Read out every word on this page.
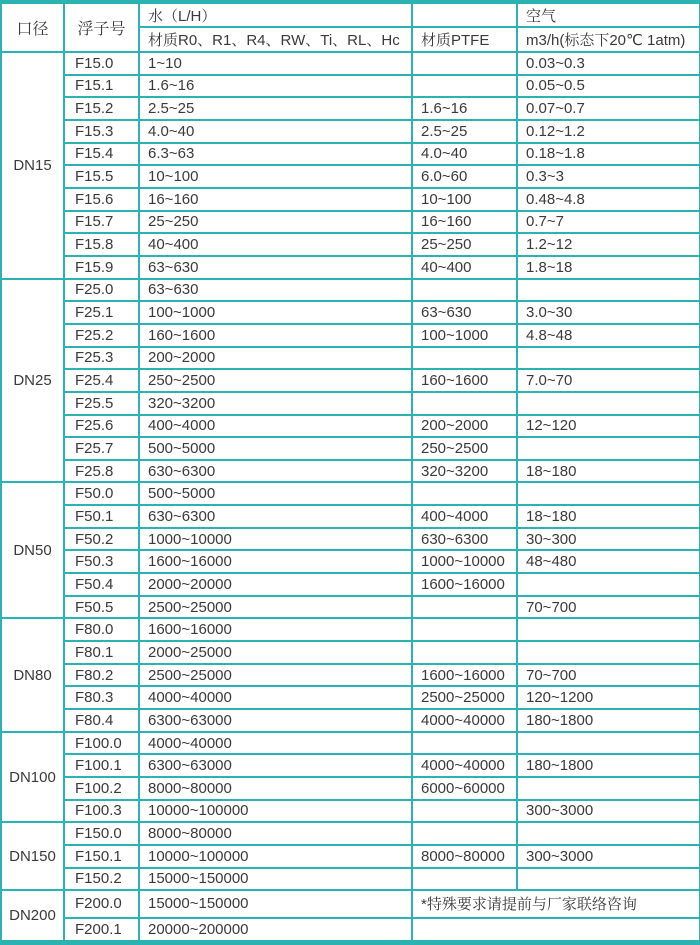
口径	浮子号	水（L/H）		空气
		材质R0、R1、R4、RW、Ti、RL、Hc	材质PTFE	m3/h(标态下20℃ 1atm)
DN15	F15.0	1~10		0.03~0.3
	F15.1	1.6~16		0.05~0.5
	F15.2	2.5~25	1.6~16	0.07~0.7
	F15.3	4.0~40	2.5~25	0.12~1.2
	F15.4	6.3~63	4.0~40	0.18~1.8
	F15.5	10~100	6.0~60	0.3~3
	F15.6	16~160	10~100	0.48~4.8
	F15.7	25~250	16~160	0.7~7
	F15.8	40~400	25~250	1.2~12
	F15.9	63~630	40~400	1.8~18
DN25	F25.0	63~630		
	F25.1	100~1000	63~630	3.0~30
	F25.2	160~1600	100~1000	4.8~48
	F25.3	200~2000		
	F25.4	250~2500	160~1600	7.0~70
	F25.5	320~3200		
	F25.6	400~4000	200~2000	12~120
	F25.7	500~5000	250~2500	
	F25.8	630~6300	320~3200	18~180
DN50	F50.0	500~5000		
	F50.1	630~6300	400~4000	18~180
	F50.2	1000~10000	630~6300	30~300
	F50.3	1600~16000	1000~10000	48~480
	F50.4	2000~20000	1600~16000	
	F50.5	2500~25000		70~700
DN80	F80.0	1600~16000		
	F80.1	2000~25000		
	F80.2	2500~25000	1600~16000	70~700
	F80.3	4000~40000	2500~25000	120~1200
	F80.4	6300~63000	4000~40000	180~1800
DN100	F100.0	4000~40000		
	F100.1	6300~63000	4000~40000	180~1800
	F100.2	8000~80000	6000~60000	
	F100.3	10000~100000		300~3000
DN150	F150.0	8000~80000		
	F150.1	10000~100000	8000~80000	300~3000
	F150.2	15000~150000		
DN200	F200.0	15000~150000	*特殊要求请提前与厂家联络咨询	
	F200.1	20000~200000		
